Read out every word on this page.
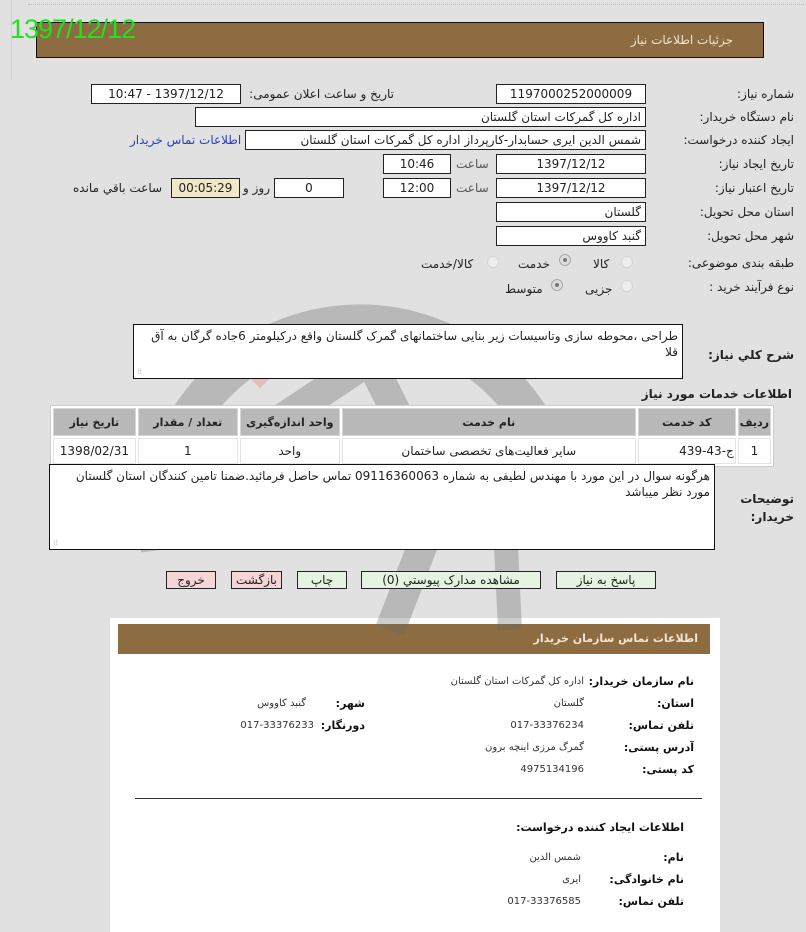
1397/12/12	جزئیات اطلاعات نیاز
شماره نیاز:
1197000252000009
تاریخ و ساعت اعلان عمومی:
1397/12/12 - 10:47
نام دستگاه خریدار:
اداره کل گمرکات استان گلستان
ایجاد کننده درخواست:
شمس الدین ایری حسابدار-کارپرداز اداره کل گمرکات استان گلستان
اطلاعات تماس خریدار
تاریخ ایجاد نیاز:
1397/12/12
ساعت
10:46
تاریخ اعتبار نیاز:
1397/12/12
ساعت
12:00
0
روز و
00:05:29
ساعت باقي مانده
استان محل تحویل:
گلستان
شهر محل تحویل:
گنبد کاووس
طبقه بندی موضوعی:
کالا
خدمت
کالا/خدمت
نوع فرآیند خرید :
جزیی
متوسط
شرح کلي نیاز:
طراحی ،محوطه سازی وتاسیسات زیر بنایی ساختمانهای گمرک گلستان واقع درکیلومتر 6جاده گرگان به آق قلا
⁞⁞
اطلاعات خدمات مورد نیاز
ردیف	کد خدمت	نام خدمت	واحد اندازه‌گیری	تعداد / مقدار	تاریخ نیاز
1	ج-43-439	سایر فعالیت‌های تخصصی ساختمان	واحد	1	1398/02/31
توضیحات خریدار:
هرگونه سوال در این مورد با مهندس لطیفی به شماره 09116360063 تماس حاصل فرمائید.ضمنا تامین کنندگان استان گلستان مورد نظر میباشد
⁞⁞
پاسخ به نیاز
مشاهده مدارک پیوستي (0)
چاپ
بازگشت
خروج
اطلاعات تماس سازمان خریدار
نام سازمان خریدار:
اداره کل گمرکات استان گلستان
استان:
گلستان
شهر:
گنبد کاووس
تلفن تماس:
017-33376234
دورنگار:
017-33376233
آدرس پستی:
گمرگ مرزی اینچه برون
کد پستی:
4975134196
اطلاعات ایجاد کننده درخواست:
نام:
شمس الدین
نام خانوادگی:
ایری
تلفن تماس:
017-33376585
